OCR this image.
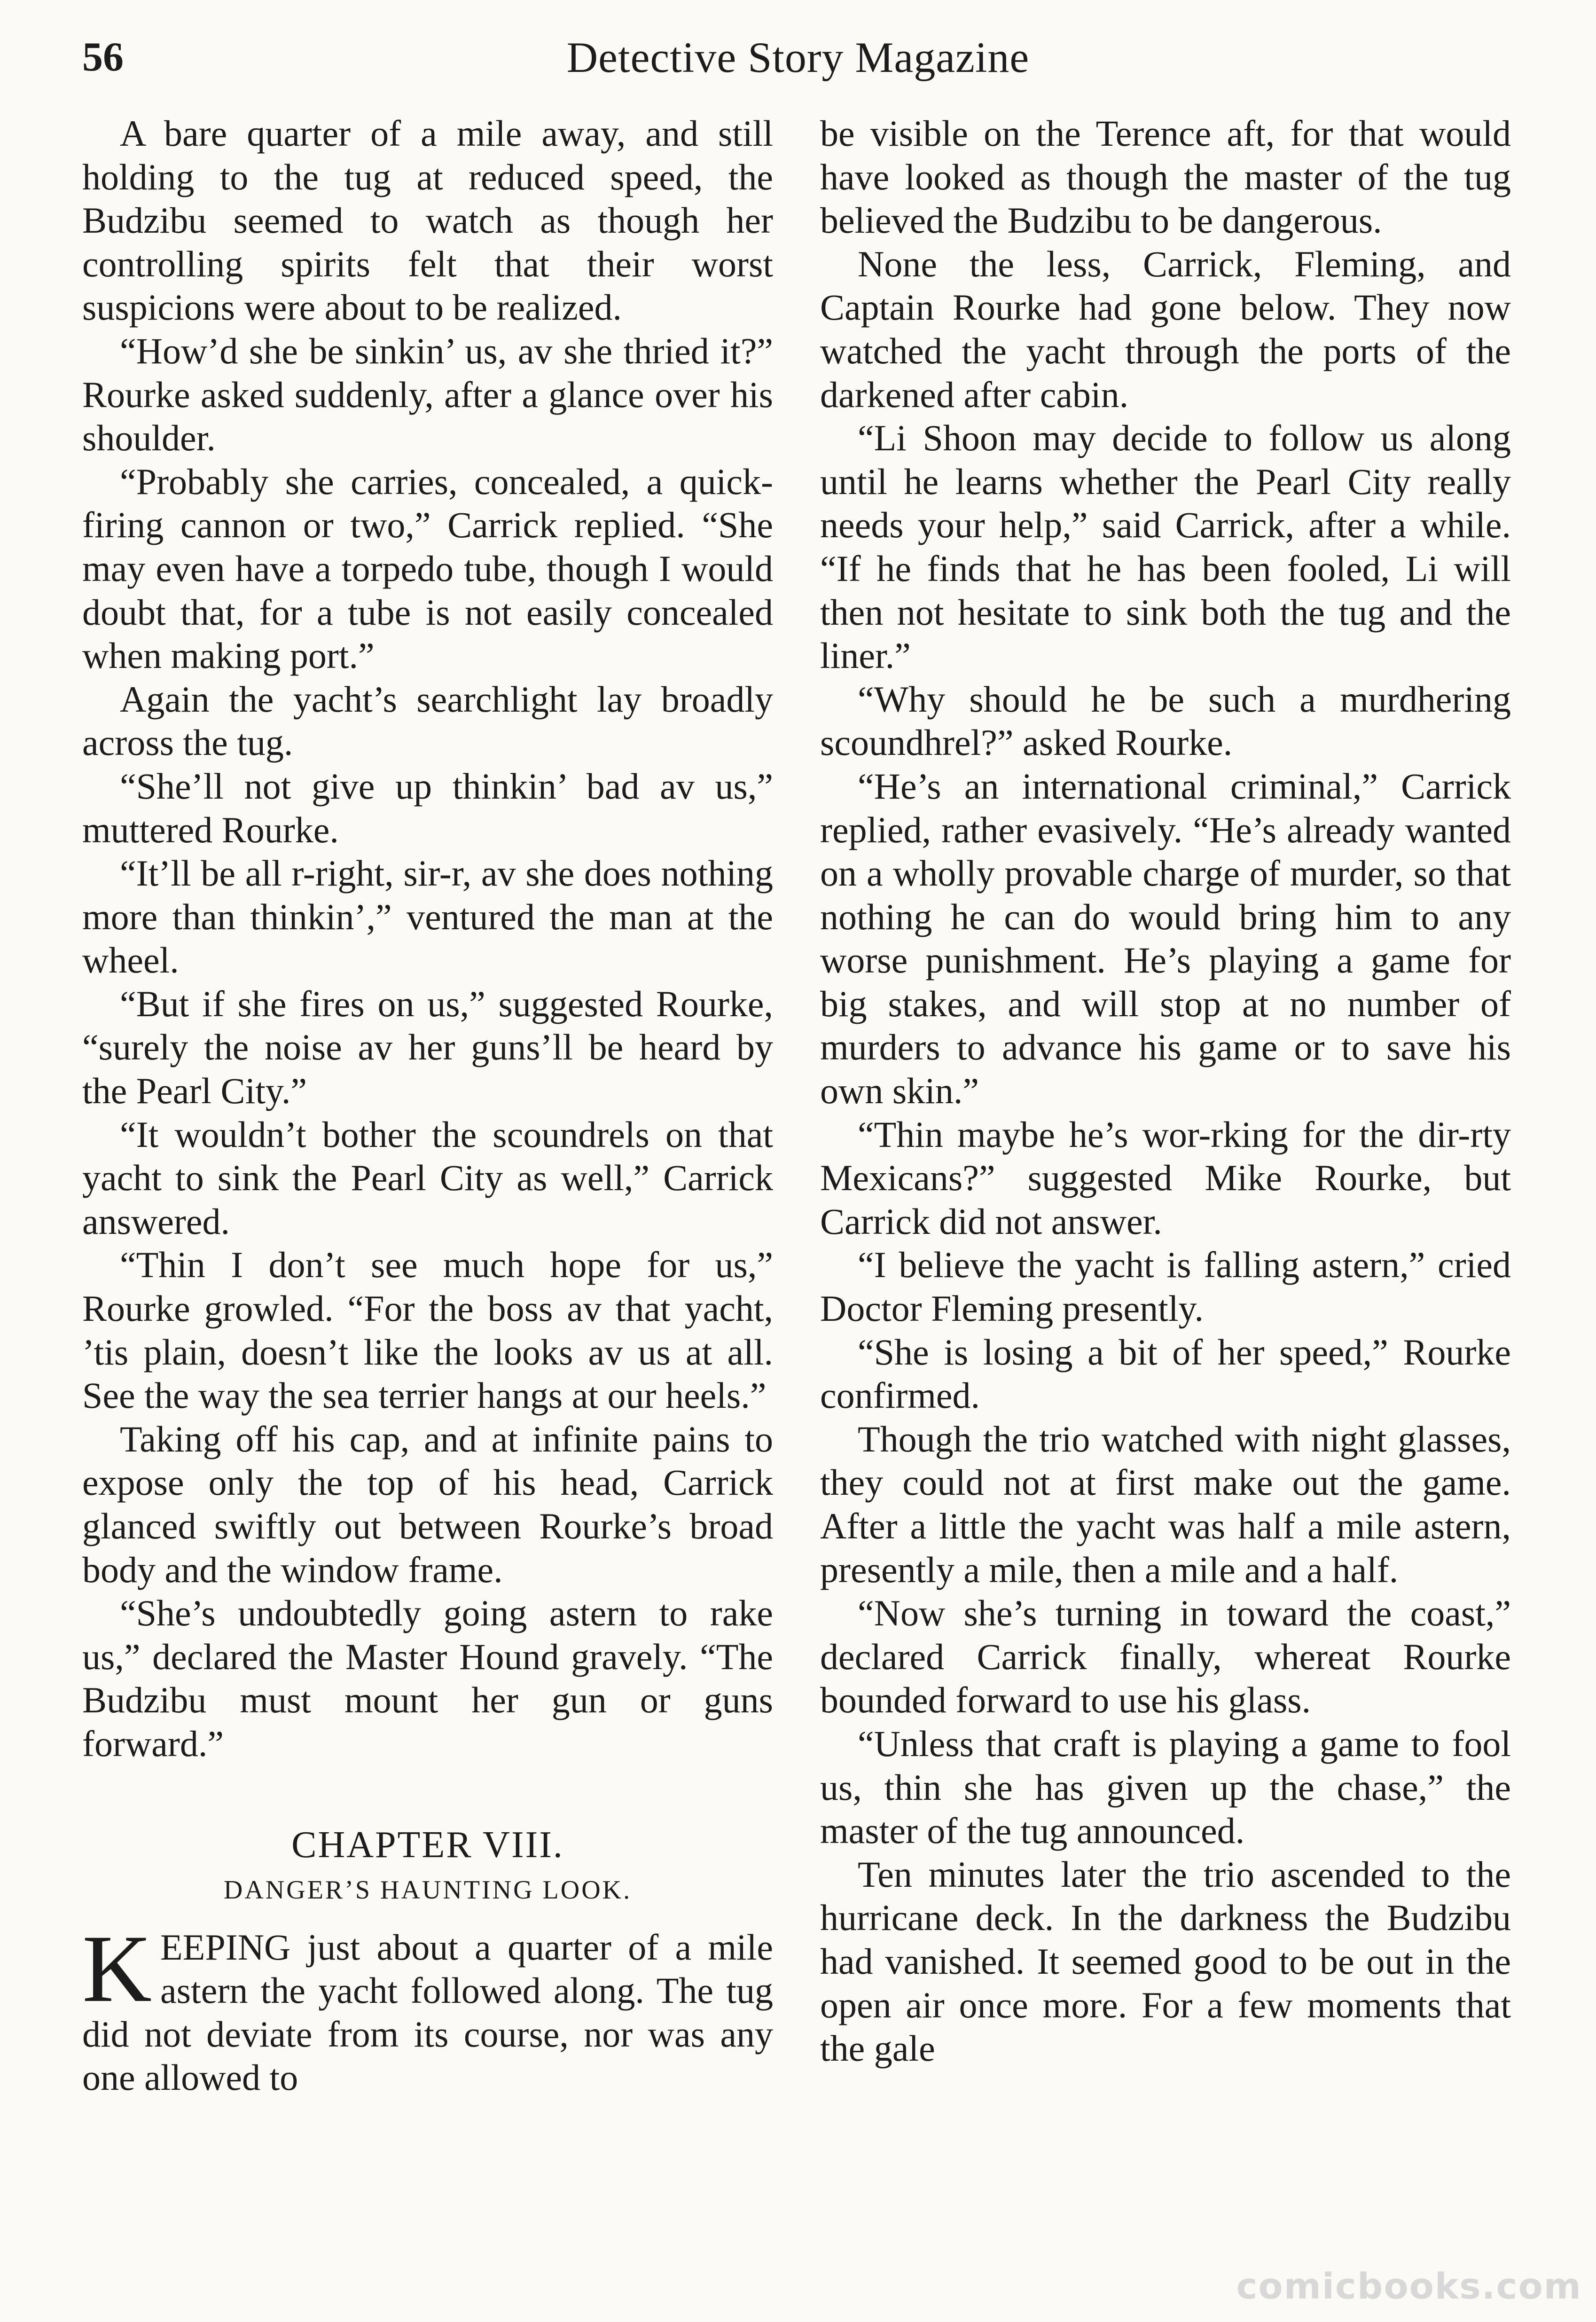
56	Detective Story Magazine

A bare quarter of a mile away, and still holding to the tug at reduced speed, the Budzibu seemed to watch as though her controlling spirits felt that their worst suspicions were about to be realized.

“How’d she be sinkin’ us, av she thried it?” Rourke asked suddenly, after a glance over his shoulder.

“Probably she carries, concealed, a quick-firing cannon or two,” Carrick replied. “She may even have a torpedo tube, though I would doubt that, for a tube is not easily concealed when making port.”

Again the yacht’s searchlight lay broadly across the tug.

“She’ll not give up thinkin’ bad av us,” muttered Rourke.

“It’ll be all r-right, sir-r, av she does nothing more than thinkin’,” ventured the man at the wheel.

“But if she fires on us,” suggested Rourke, “surely the noise av her guns’ll be heard by the Pearl City.”

“It wouldn’t bother the scoundrels on that yacht to sink the Pearl City as well,” Carrick answered.

“Thin I don’t see much hope for us,” Rourke growled. “For the boss av that yacht, ’tis plain, doesn’t like the looks av us at all. See the way the sea terrier hangs at our heels.”

Taking off his cap, and at infinite pains to expose only the top of his head, Carrick glanced swiftly out between Rourke’s broad body and the window frame.

“She’s undoubtedly going astern to rake us,” declared the Master Hound gravely. “The Budzibu must mount her gun or guns forward.”

CHAPTER VIII.
DANGER’S HAUNTING LOOK.

KEEPING just about a quarter of a mile astern the yacht followed along. The tug did not deviate from its course, nor was any one allowed to

be visible on the Terence aft, for that would have looked as though the master of the tug believed the Budzibu to be dangerous.

None the less, Carrick, Fleming, and Captain Rourke had gone below. They now watched the yacht through the ports of the darkened after cabin.

“Li Shoon may decide to follow us along until he learns whether the Pearl City really needs your help,” said Carrick, after a while. “If he finds that he has been fooled, Li will then not hesitate to sink both the tug and the liner.”

“Why should he be such a murdhering scoundhrel?” asked Rourke.

“He’s an international criminal,” Carrick replied, rather evasively. “He’s already wanted on a wholly provable charge of murder, so that nothing he can do would bring him to any worse punishment. He’s playing a game for big stakes, and will stop at no number of murders to advance his game or to save his own skin.”

“Thin maybe he’s wor-rking for the dir-rty Mexicans?” suggested Mike Rourke, but Carrick did not answer.

“I believe the yacht is falling astern,” cried Doctor Fleming presently.

“She is losing a bit of her speed,” Rourke confirmed.

Though the trio watched with night glasses, they could not at first make out the game. After a little the yacht was half a mile astern, presently a mile, then a mile and a half.

“Now she’s turning in toward the coast,” declared Carrick finally, whereat Rourke bounded forward to use his glass.

“Unless that craft is playing a game to fool us, thin she has given up the chase,” the master of the tug announced.

Ten minutes later the trio ascended to the hurricane deck. In the darkness the Budzibu had vanished. It seemed good to be out in the open air once more. For a few moments that the gale

comicbooks.com
